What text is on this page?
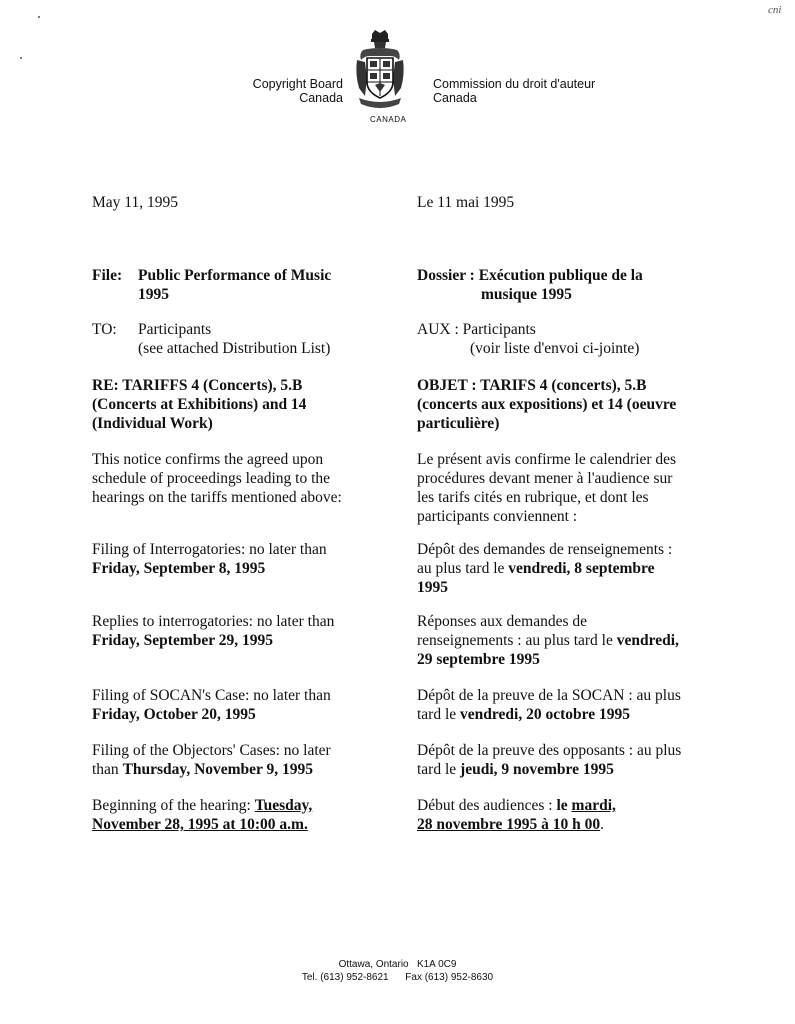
cni
Copyright Board
Canada
CANADA
Commission du droit d'auteur
Canada
May 11, 1995	Le 11 mai 1995
File:	Public Performance of Music
1995
Dossier : Exécution publique de la
musique 1995
TO:	Participants
(see attached Distribution List)
AUX : Participants
(voir liste d'envoi ci-jointe)
RE: TARIFFS 4 (Concerts), 5.B
(Concerts at Exhibitions) and 14
(Individual Work)
OBJET : TARIFS 4 (concerts), 5.B
(concerts aux expositions) et 14 (oeuvre
particulière)
This notice confirms the agreed upon
schedule of proceedings leading to the
hearings on the tariffs mentioned above:
Le présent avis confirme le calendrier des
procédures devant mener à l'audience sur
les tarifs cités en rubrique, et dont les
participants conviennent :
Filing of Interrogatories: no later than
Friday, September 8, 1995
Dépôt des demandes de renseignements :
au plus tard le vendredi, 8 septembre
1995
Replies to interrogatories: no later than
Friday, September 29, 1995
Réponses aux demandes de
renseignements : au plus tard le vendredi,
29 septembre 1995
Filing of SOCAN's Case: no later than
Friday, October 20, 1995
Dépôt de la preuve de la SOCAN : au plus
tard le vendredi, 20 octobre 1995
Filing of the Objectors' Cases: no later
than Thursday, November 9, 1995
Dépôt de la preuve des opposants : au plus
tard le jeudi, 9 novembre 1995
Beginning of the hearing: Tuesday,
November 28, 1995 at 10:00 a.m.
Début des audiences : le mardi,
28 novembre 1995 à 10 h 00.
Ottawa, Ontario   K1A 0C9
Tel. (613) 952-8621      Fax (613) 952-8630
